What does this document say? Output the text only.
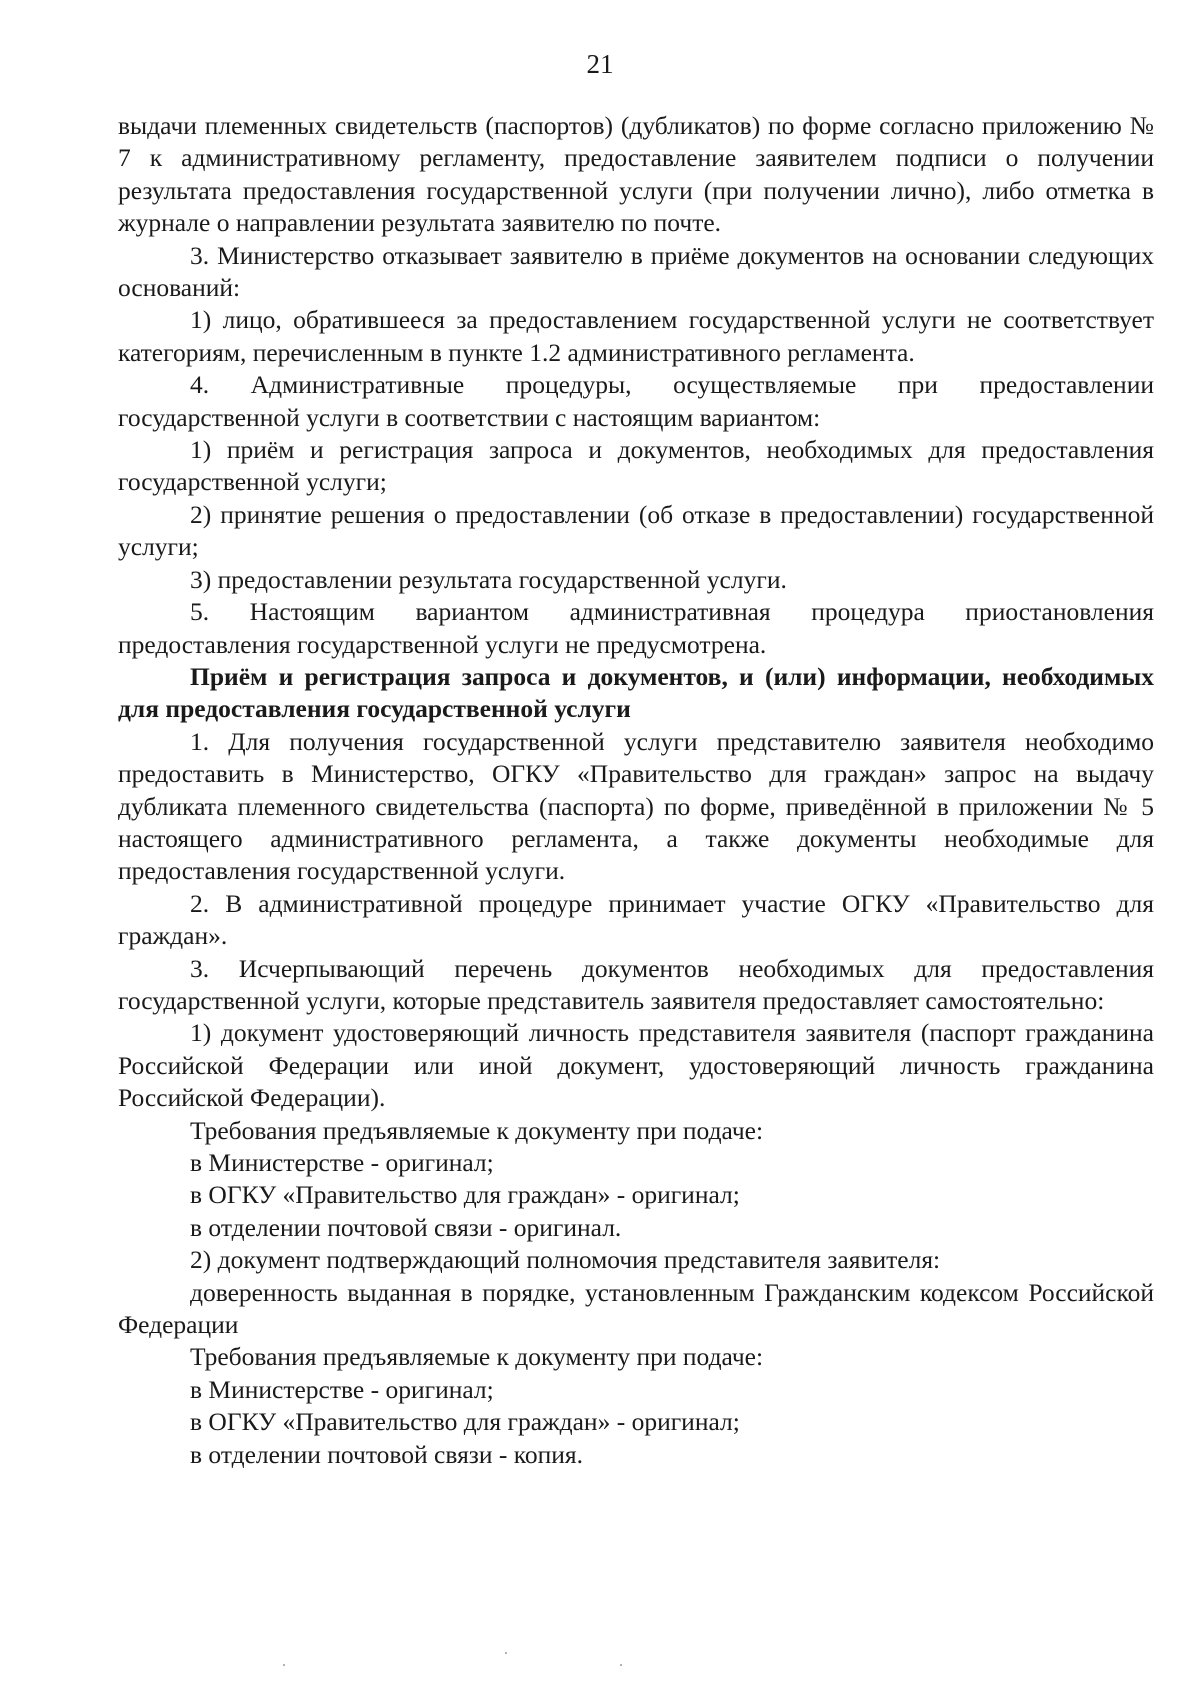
21

выдачи племенных свидетельств (паспортов) (дубликатов) по форме согласно приложению № 7 к административному регламенту, предоставление заявителем подписи о получении результата предоставления государственной услуги (при получении лично), либо отметка в журнале о направлении результата заявителю по почте.

3. Министерство отказывает заявителю в приёме документов на основании следующих оснований:

1) лицо, обратившееся за предоставлением государственной услуги не соответствует категориям, перечисленным в пункте 1.2 административного регламента.

4. Административные процедуры, осуществляемые при предоставлении государственной услуги в соответствии с настоящим вариантом:

1) приём и регистрация запроса и документов, необходимых для предоставления государственной услуги;

2) принятие решения о предоставлении (об отказе в предоставлении) государственной услуги;

3) предоставлении результата государственной услуги.

5. Настоящим вариантом административная процедура приостановления предоставления государственной услуги не предусмотрена.

Приём и регистрация запроса и документов, и (или) информации, необходимых для предоставления государственной услуги

1. Для получения государственной услуги представителю заявителя необходимо предоставить в Министерство, ОГКУ «Правительство для граждан» запрос на выдачу дубликата племенного свидетельства (паспорта) по форме, приведённой в приложении № 5 настоящего административного регламента, а также документы необходимые для предоставления государственной услуги.

2. В административной процедуре принимает участие ОГКУ «Правительство для граждан».

3. Исчерпывающий перечень документов необходимых для предоставления государственной услуги, которые представитель заявителя предоставляет самостоятельно:

1) документ удостоверяющий личность представителя заявителя (паспорт гражданина Российской Федерации или иной документ, удостоверяющий личность гражданина Российской Федерации).

Требования предъявляемые к документу при подаче:

в Министерстве - оригинал;

в ОГКУ «Правительство для граждан» - оригинал;

в отделении почтовой связи - оригинал.

2) документ подтверждающий полномочия представителя заявителя:

доверенность выданная в порядке, установленным Гражданским кодексом Российской Федерации

Требования предъявляемые к документу при подаче:

в Министерстве - оригинал;

в ОГКУ «Правительство для граждан» - оригинал;

в отделении почтовой связи - копия.
